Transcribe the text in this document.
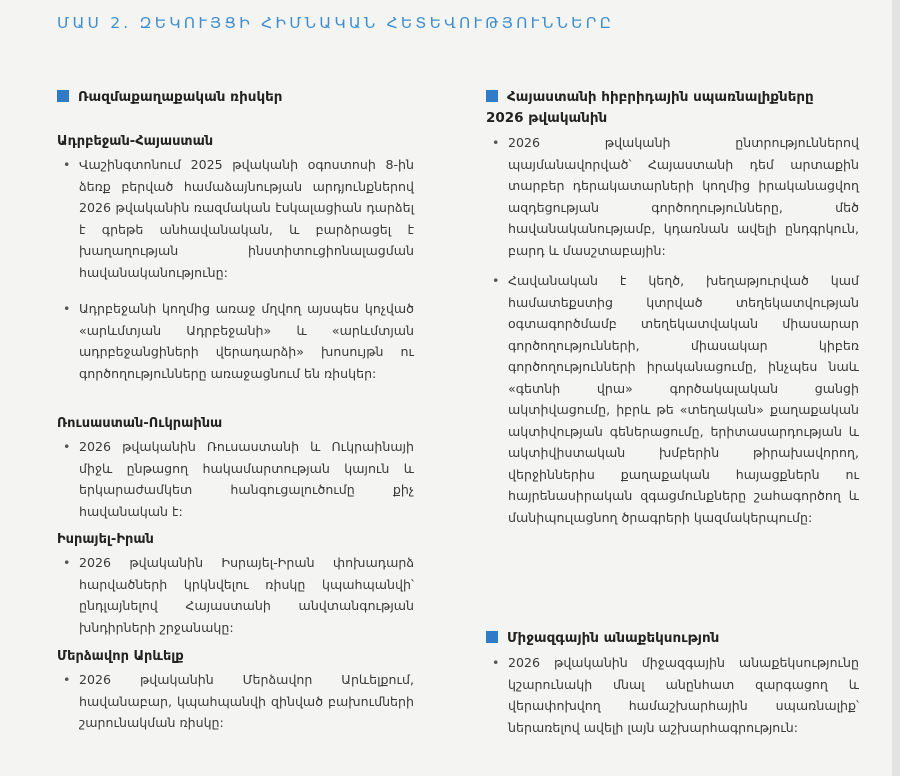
ՄԱՍ 2. ԶԵԿՈՒՅՑԻ ՀԻՄՆԱԿԱՆ ՀԵՏԵՎՈՒԹՅՈՒՆՆԵՐԸ
Ռազմաքաղաքական ռիսկեր
Ադրբեջան-Հայաստան
• Վաշինգտոնում 2025 թվականի օգոստոսի 8-ին ձեռք բերված համաձայնության արդյունքներով 2026 թվականին ռազմական էսկալացիան դարձել է գրեթե անհավանական, և բարձրացել է խաղաղության ինստիտուցիոնալացման հավանականությունը:
• Ադրբեջանի կողմից առաջ մղվող այսպես կոչված «արևմտյան Ադրբեջանի» և «արևմտյան ադրբեջանցիների վերադարձի» խոսույթն ու գործողությունները առաջացնում են ռիսկեր:
Ռուսաստան-Ուկրաինա
• 2026 թվականին Ռուսաստանի և Ուկրաինայի միջև ընթացող հակամարտության կայուն և երկարաժամկետ հանգուցալուծումը քիչ հավանական է:
Իսրայել-Իրան
• 2026 թվականին Իսրայել-Իրան փոխադարձ հարվածների կրկնվելու ռիսկը կպահպանվի՝ ընդլայնելով Հայաստանի անվտանգության խնդիրների շրջանակը:
Մերձավոր Արևելք
• 2026 թվականին Մերձավոր Արևելքում, հավանաբար, կպահպանվի զինված բախումների շարունակման ռիսկը:
Հայաստանի հիբրիդային սպառնալիքները
2026 թվականին
• 2026 թվականի ընտրություններով պայմանավորված՝ Հայաստանի դեմ արտաքին տարբեր դերակատարների կողմից իրականացվող ազդեցության գործողությունները, մեծ հավանականությամբ, կդառնան ավելի ընդգրկուն, բարդ և մասշտաբային:
• Հավանական է կեղծ, խեղաթյուրված կամ համատեքստից կտրված տեղեկատվության օգտագործմամբ տեղեկատվական միասարար գործողությունների, միասակար կիբեռ գործողությունների իրականացումը, ինչպես նաև «գետնի վրա» գործակալական ցանցի ակտիվացումը, իբրև թե «տեղական» քաղաքական ակտիվության գեներացումը, երիտասարդության և ակտիվիստական խմբերին թիրախավորող, վերջիններիս քաղաքական հայացքներն ու հայրենասիրական զգացմունքները շահագործող և մանիպուլացնող ծրագրերի կազմակերպումը:
Միջազգային անաքեկսությոն
• 2026 թվականին միջազգային անաքեկսությունը կշարունակի մնալ անընհատ զարգացող և վերափոխվող համաշխարհային սպառնալիք՝ ներառելով ավելի լայն աշխարհագրություն:
